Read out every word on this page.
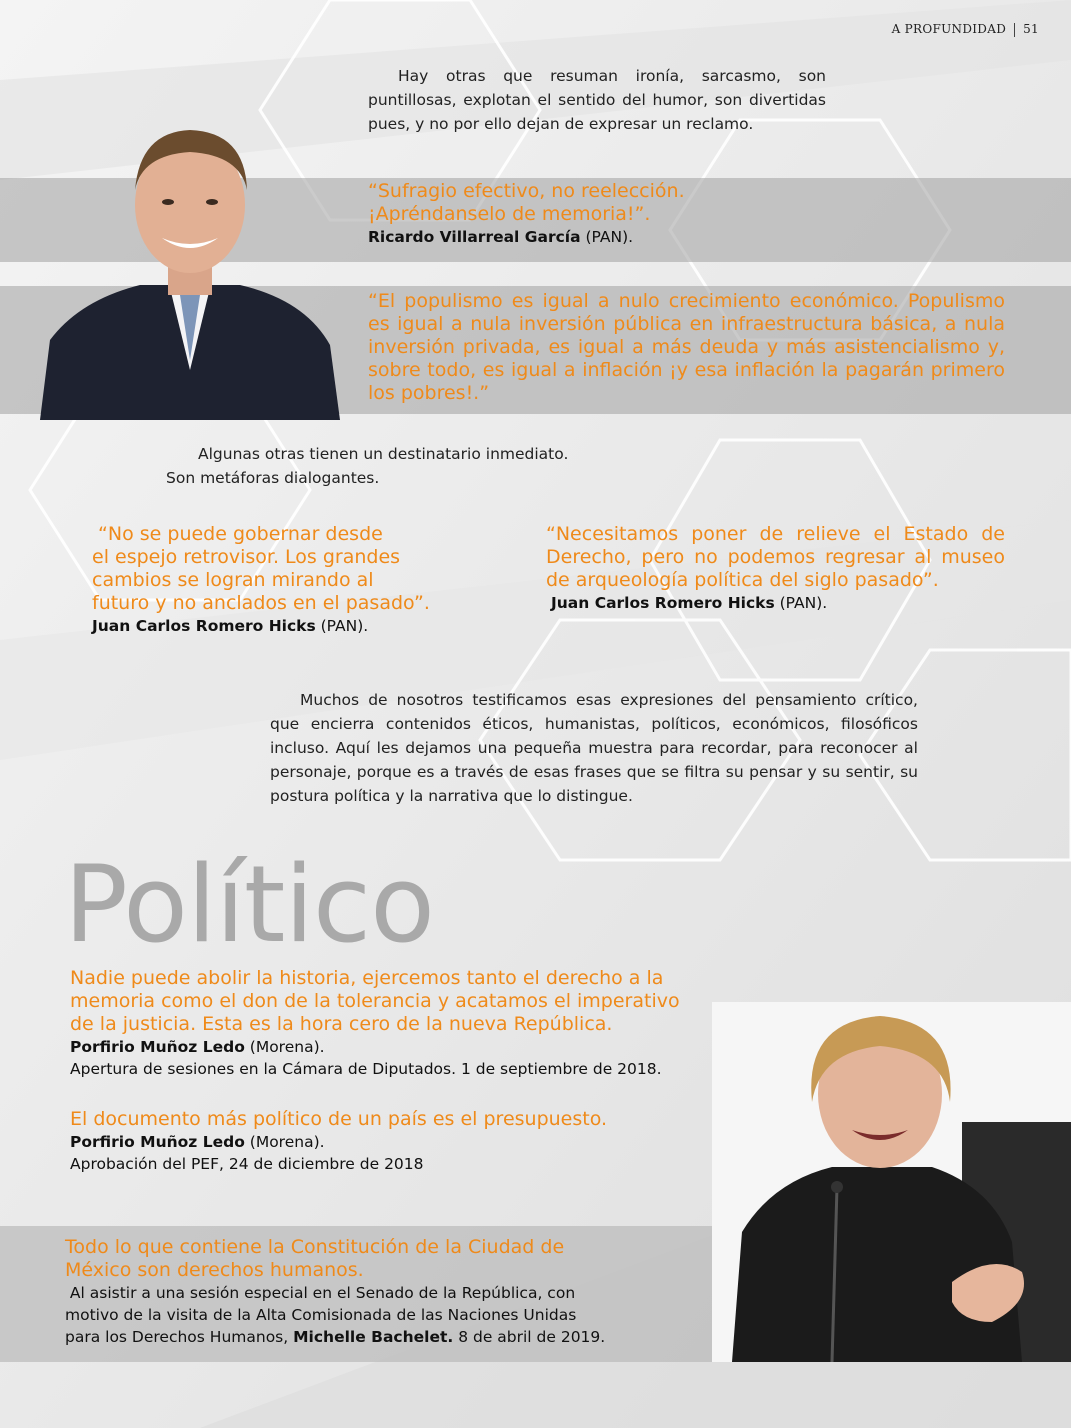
A PROFUNDIDAD 51
Hay otras que resuman ironía, sarcasmo, son puntillosas, explotan el sentido del humor, son divertidas pues, y no por ello dejan de expresar un reclamo.
“Sufragio efectivo, no reelección.
¡Apréndanselo de memoria!”.
Ricardo Villarreal García (PAN).
“El populismo es igual a nulo crecimiento económico. Populismo es igual a nula inversión pública en infraestructura básica, a nula inversión privada, es igual a más deuda y más asistencialismo y, sobre todo, es igual a inflación ¡y esa inflación la pagarán primero los pobres!.”
Algunas otras tienen un destinatario inmediato.
Son metáforas dialogantes.
“No se puede gobernar desde
el espejo retrovisor. Los grandes
cambios se logran mirando al
futuro y no anclados en el pasado”.
Juan Carlos Romero Hicks (PAN).
“Necesitamos poner de relieve el Estado de Derecho, pero no podemos regresar al museo de arqueología política del siglo pasado”.
Juan Carlos Romero Hicks (PAN).
Muchos de nosotros testificamos esas expresiones del pensamiento crítico, que encierra contenidos éticos, humanistas, políticos, económicos, filosóficos incluso. Aquí les dejamos una pequeña muestra para recordar, para reconocer al personaje, porque es a través de esas frases que se filtra su pensar y su sentir, su postura política y la narrativa que lo distingue.
Político
Nadie puede abolir la historia, ejercemos tanto el derecho a la
memoria como el don de la tolerancia y acatamos el imperativo
de la justicia. Esta es la hora cero de la nueva República.
Porfirio Muñoz Ledo (Morena).
Apertura de sesiones en la Cámara de Diputados. 1 de septiembre de 2018.
El documento más político de un país es el presupuesto.
Porfirio Muñoz Ledo (Morena).
Aprobación del PEF, 24 de diciembre de 2018
Todo lo que contiene la Constitución de la Ciudad de
México son derechos humanos.
Al asistir a una sesión especial en el Senado de la República, con
motivo de la visita de la Alta Comisionada de las Naciones Unidas
para los Derechos Humanos, Michelle Bachelet. 8 de abril de 2019.
